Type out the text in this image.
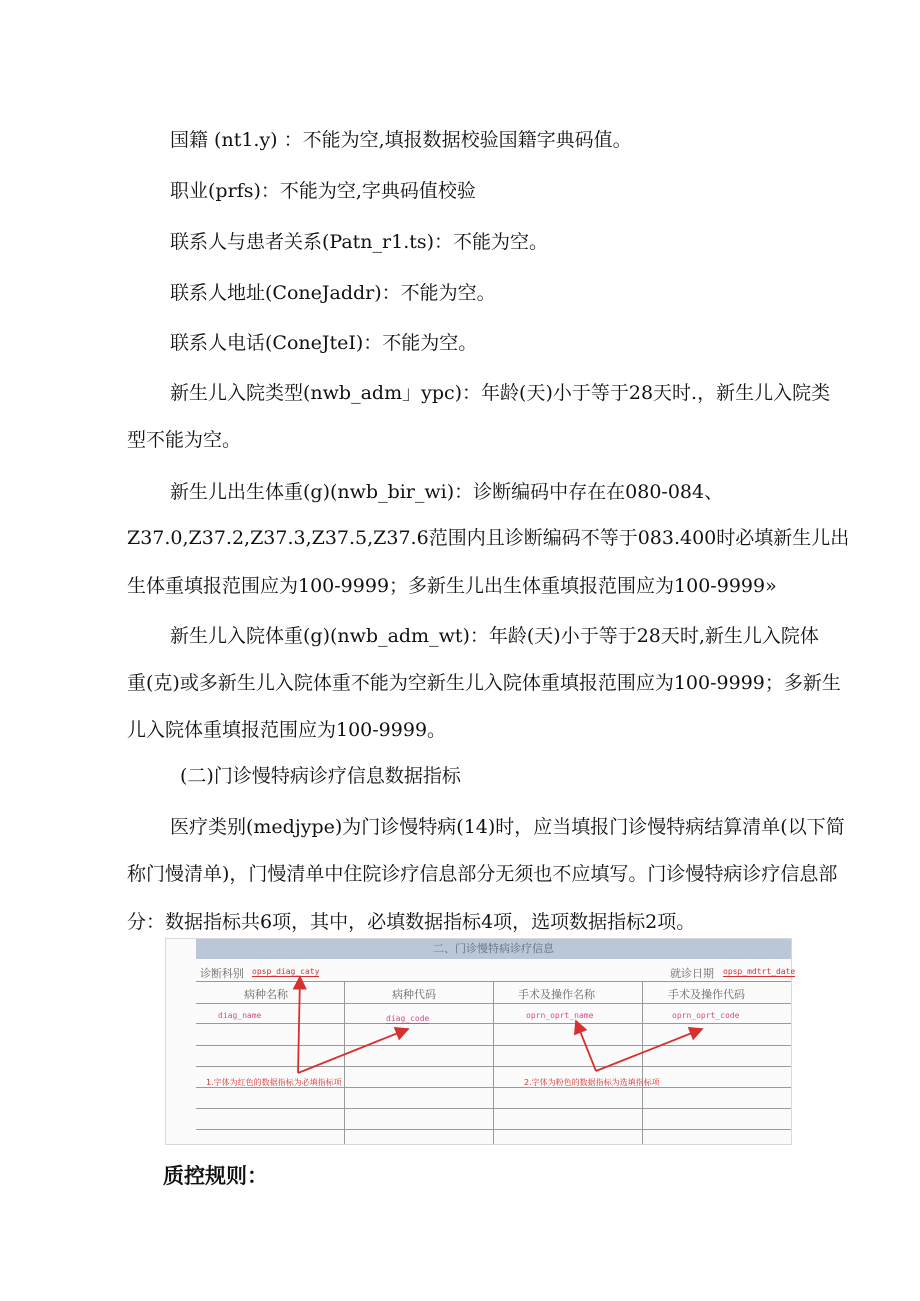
国籍 (nt1.y) ：不能为空,填报数据校验国籍字典码值。

职业(prfs)：不能为空,字典码值校验

联系人与患者关系(Patn_r1.ts)：不能为空。

联系人地址(ConeJaddr)：不能为空。

联系人电话(ConeJteI)：不能为空。

新生儿入院类型(nwb_adm」ypc)：年龄(天)小于等于28天时.，新生儿入院类

型不能为空。

新生儿出生体重(g)(nwb_bir_wi)：诊断编码中存在在080-084、

Z37.0,Z37.2,Z37.3,Z37.5,Z37.6范围内且诊断编码不等于083.400时必填新生儿出

生体重填报范围应为100-9999；多新生儿出生体重填报范围应为100-9999»

新生儿入院体重(g)(nwb_adm_wt)：年龄(天)小于等于28天时,新生儿入院体

重(克)或多新生儿入院体重不能为空新生儿入院体重填报范围应为100-9999；多新生

儿入院体重填报范围应为100-9999。

(二)门诊慢特病诊疗信息数据指标

医疗类别(medjype)为门诊慢特病(14)时，应当填报门诊慢特病结算清单(以下简

称门慢清单)，门慢清单中住院诊疗信息部分无须也不应填写。门诊慢特病诊疗信息部

分：数据指标共6项，其中，必填数据指标4项，选项数据指标2项。

二、门诊慢特病诊疗信息
诊断科别 opsp_diag_caty	就诊日期 opsp_mdtrt_date
病种名称	病种代码	手术及操作名称	手术及操作代码
diag_name	diag_code	oprn_oprt_name	oprn_oprt_code
1.字体为红色的数据指标为必填指标项	2.字体为粉色的数据指标为选填指标项
质控规则：
